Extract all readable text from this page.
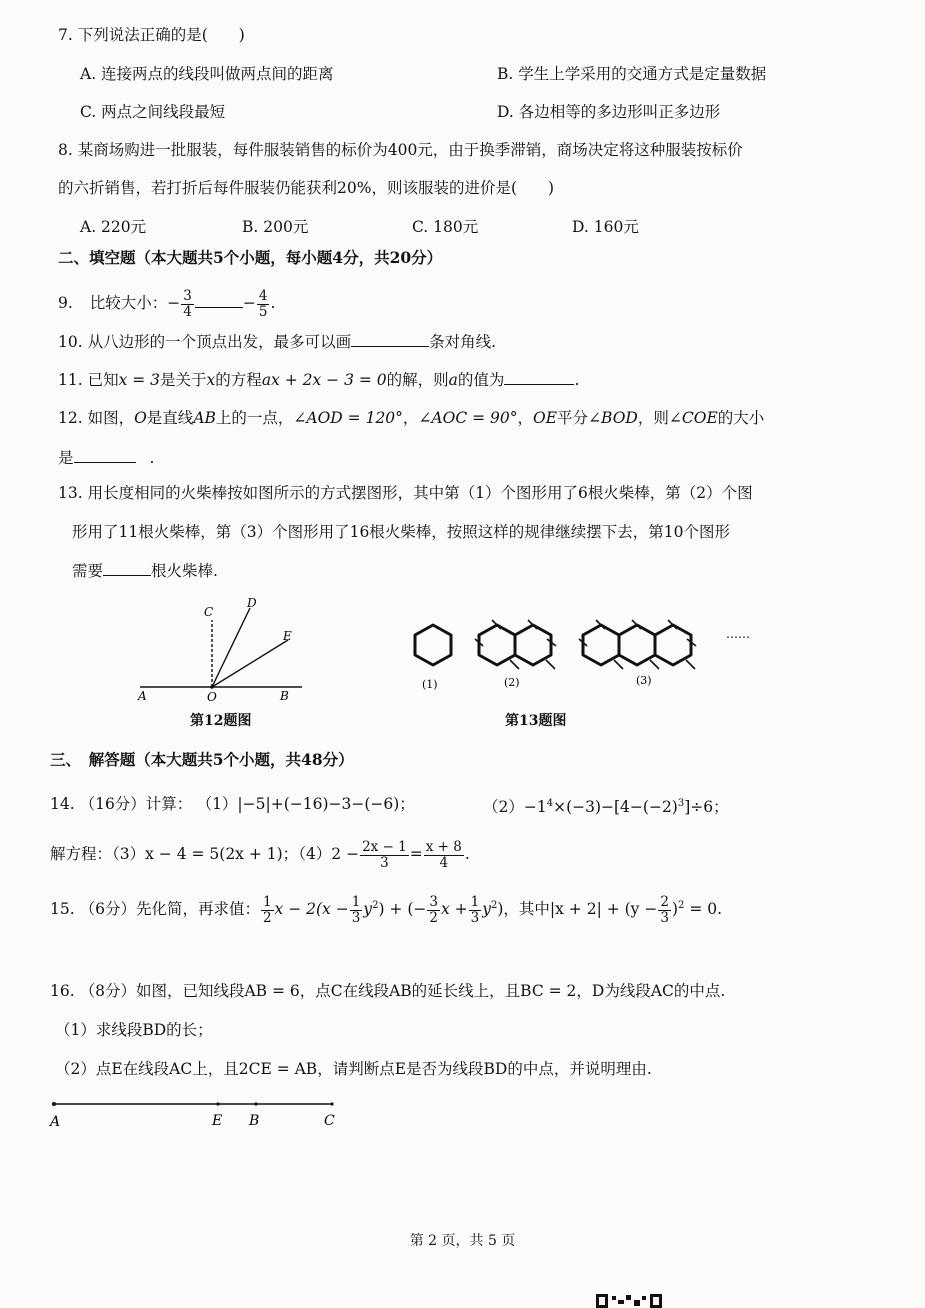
7. 下列说法正确的是(　　)
A. 连接两点的线段叫做两点间的距离	B. 学生上学采用的交通方式是定量数据
C. 两点之间线段最短	D. 各边相等的多边形叫正多边形
8. 某商场购进一批服装，每件服装销售的标价为400元，由于换季滞销，商场决定将这种服装按标价
的六折销售，若打折后每件服装仍能获利20%，则该服装的进价是(　　)
A. 220元	B. 200元	C. 180元	D. 160元
二、填空题（本大题共5个小题，每小题4分，共20分）
9. 比较大小：− $\frac{3}{4}$	− $\frac{4}{5}$ .
10. 从八边形的一个顶点出发，最多可以画	条对角线.
11. 已知x = 3是关于x的方程ax + 2x − 3 = 0的解，则a的值为	.
12. 如图，O是直线AB上的一点，∠AOD = 120°，∠AOC = 90°，OE平分∠BOD，则∠COE的大小
是	.
13. 用长度相同的火柴棒按如图所示的方式摆图形，其中第（1）个图形用了6根火柴棒，第（2）个图
形用了11根火柴棒，第（3）个图形用了16根火柴棒，按照这样的规律继续摆下去，第10个图形
需要	根火柴棒.
C
D
E
A	O	B
第12题图
(1)	(2)	(3)
……
第13题图
三、　解答题（本大题共5个小题，共48分）
14. （16分）计算： （1）|−5|+(−16)−3−(−6)；	$(2)-1^4\times(-3)-[4-(-2)^3]\div 6$；
解方程：（3）x − 4 = 5(2x + 1)；$(4)2 - \frac{2x - 1}{3} = \frac{x + 8}{4}$ .
15. （6分）先化简，再求值： $\frac{1}{2}$ $x - 2(x - \frac{1}{3} y^2)$ + (− $\frac{3}{2}$ $x + \frac{1}{3} y^2$)，其中$|x + 2| + (y - \frac{2}{3} )^2 = 0$.
16. （8分）如图，已知线段AB = 6，点C在线段AB的延长线上，且BC = 2，D为线段AC的中点.
（1）求线段BD的长；
（2）点E在线段AC上，且2CE = AB，请判断点E是否为线段BD的中点，并说明理由.
A	E B	C
第 2 页，共 5 页
